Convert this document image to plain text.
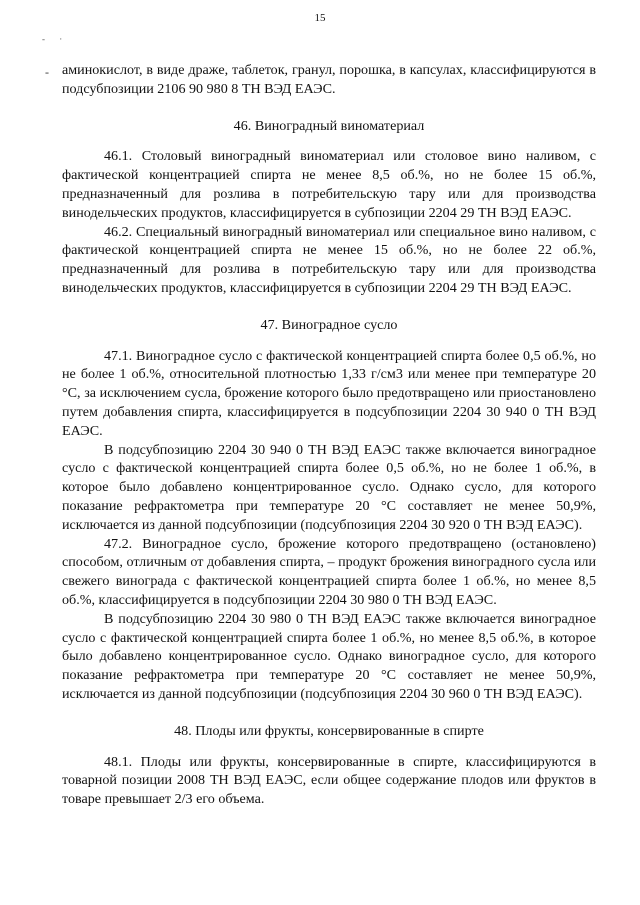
15
- ·
- аминокислот, в виде драже, таблеток, гранул, порошка, в капсулах, классифицируются в подсубпозиции 2106 90 980 8 ТН ВЭД ЕАЭС.

46. Виноградный виноматериал

46.1. Столовый виноградный виноматериал или столовое вино наливом, с фактической концентрацией спирта не менее 8,5 об.%, но не более 15 об.%, предназначенный для розлива в потребительскую тару или для производства винодельческих продуктов, классифицируется в субпозиции 2204 29 ТН ВЭД ЕАЭС.

46.2. Специальный виноградный виноматериал или специальное вино наливом, с фактической концентрацией спирта не менее 15 об.%, но не более 22 об.%, предназначенный для розлива в потребительскую тару или для производства винодельческих продуктов, классифицируется в субпозиции 2204 29 ТН ВЭД ЕАЭС.

47. Виноградное сусло

47.1. Виноградное сусло с фактической концентрацией спирта более 0,5 об.%, но не более 1 об.%, относительной плотностью 1,33 г/см3 или менее при температуре 20 °С, за исключением сусла, брожение которого было предотвращено или приостановлено путем добавления спирта, классифицируется в подсубпозиции 2204 30 940 0 ТН ВЭД ЕАЭС.

В подсубпозицию 2204 30 940 0 ТН ВЭД ЕАЭС также включается виноградное сусло с фактической концентрацией спирта более 0,5 об.%, но не более 1 об.%, в которое было добавлено концентрированное сусло. Однако сусло, для которого показание рефрактометра при температуре 20 °С составляет не менее 50,9%, исключается из данной подсубпозиции (подсубпозиция 2204 30 920 0 ТН ВЭД ЕАЭС).

47.2. Виноградное сусло, брожение которого предотвращено (остановлено) способом, отличным от добавления спирта, – продукт брожения виноградного сусла или свежего винограда с фактической концентрацией спирта более 1 об.%, но менее 8,5 об.%, классифицируется в подсубпозиции 2204 30 980 0 ТН ВЭД ЕАЭС.

В подсубпозицию 2204 30 980 0 ТН ВЭД ЕАЭС также включается виноградное сусло с фактической концентрацией спирта более 1 об.%, но менее 8,5 об.%, в которое было добавлено концентрированное сусло. Однако виноградное сусло, для которого показание рефрактометра при температуре 20 °С составляет не менее 50,9%, исключается из данной подсубпозиции (подсубпозиция 2204 30 960 0 ТН ВЭД ЕАЭС).

48. Плоды или фрукты, консервированные в спирте

48.1. Плоды или фрукты, консервированные в спирте, классифицируются в товарной позиции 2008 ТН ВЭД ЕАЭС, если общее содержание плодов или фруктов в товаре превышает 2/3 его объема.
